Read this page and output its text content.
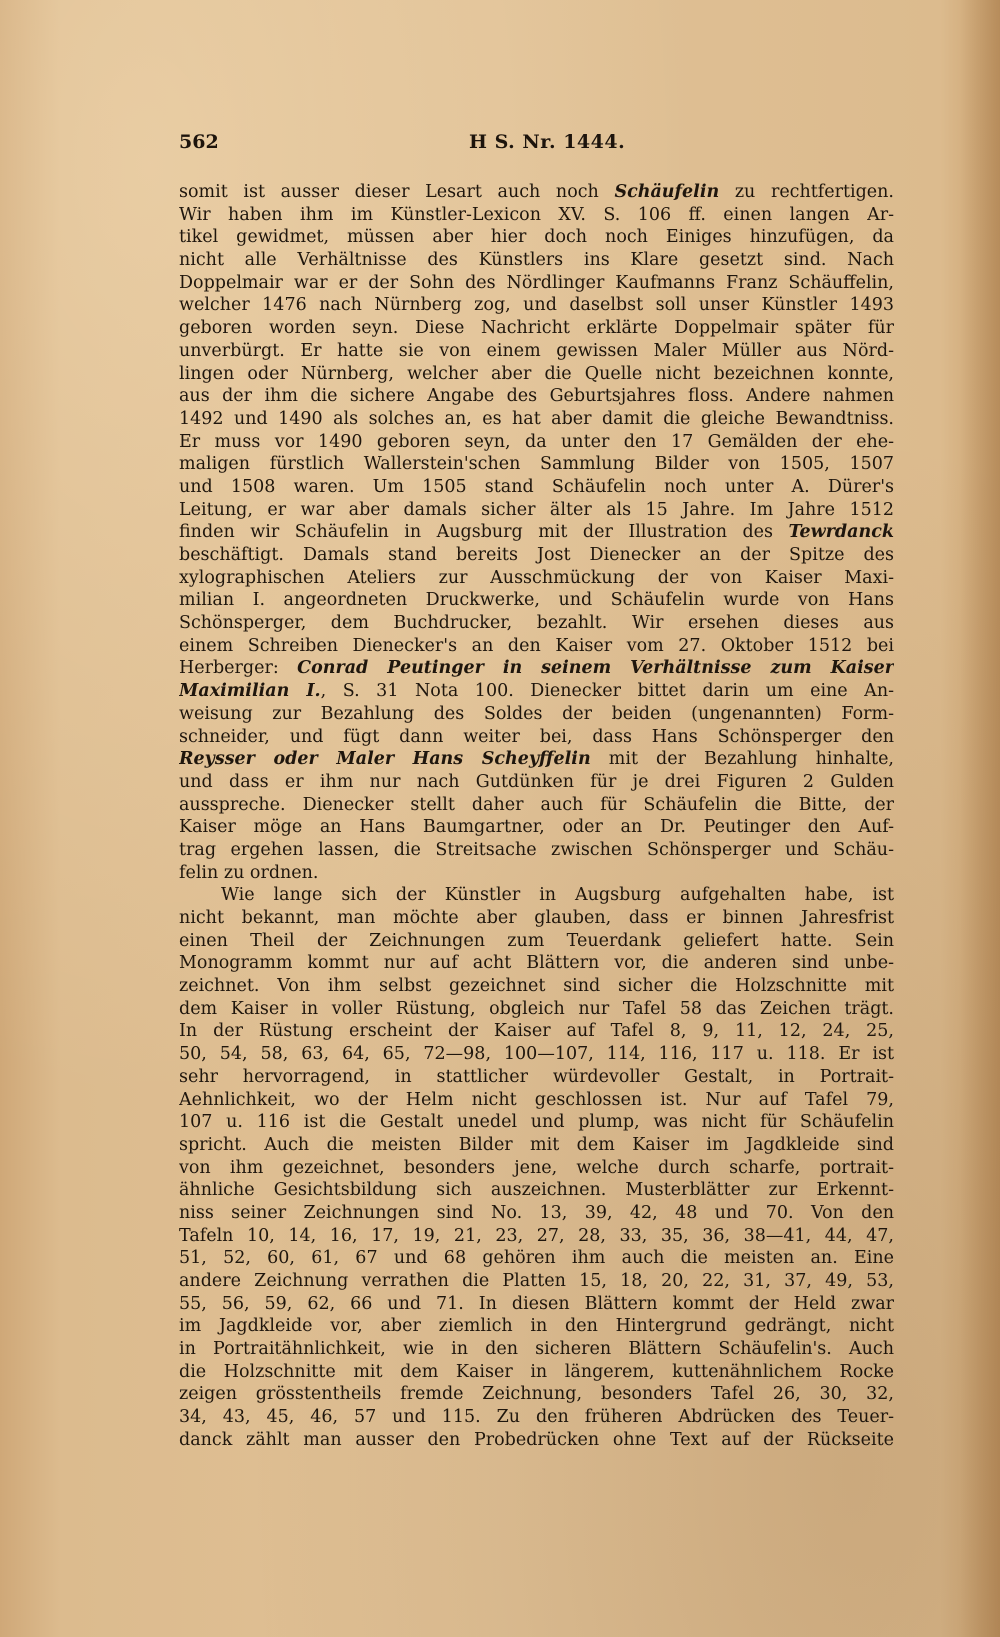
562	H S. Nr. 1444.
somit ist ausser dieser Lesart auch noch Schäufelin zu rechtfertigen.
Wir haben ihm im Künstler-Lexicon XV. S. 106 ff. einen langen Ar-
tikel gewidmet, müssen aber hier doch noch Einiges hinzufügen, da
nicht alle Verhältnisse des Künstlers ins Klare gesetzt sind. Nach
Doppelmair war er der Sohn des Nördlinger Kaufmanns Franz Schäuffelin,
welcher 1476 nach Nürnberg zog, und daselbst soll unser Künstler 1493
geboren worden seyn. Diese Nachricht erklärte Doppelmair später für
unverbürgt. Er hatte sie von einem gewissen Maler Müller aus Nörd-
lingen oder Nürnberg, welcher aber die Quelle nicht bezeichnen konnte,
aus der ihm die sichere Angabe des Geburtsjahres floss. Andere nahmen
1492 und 1490 als solches an, es hat aber damit die gleiche Bewandtniss.
Er muss vor 1490 geboren seyn, da unter den 17 Gemälden der ehe-
maligen fürstlich Wallerstein'schen Sammlung Bilder von 1505, 1507
und 1508 waren. Um 1505 stand Schäufelin noch unter A. Dürer's
Leitung, er war aber damals sicher älter als 15 Jahre. Im Jahre 1512
finden wir Schäufelin in Augsburg mit der Illustration des Tewrdanck
beschäftigt. Damals stand bereits Jost Dienecker an der Spitze des
xylographischen Ateliers zur Ausschmückung der von Kaiser Maxi-
milian I. angeordneten Druckwerke, und Schäufelin wurde von Hans
Schönsperger, dem Buchdrucker, bezahlt. Wir ersehen dieses aus
einem Schreiben Dienecker's an den Kaiser vom 27. Oktober 1512 bei
Herberger: Conrad Peutinger in seinem Verhältnisse zum Kaiser
Maximilian I., S. 31 Nota 100. Dienecker bittet darin um eine An-
weisung zur Bezahlung des Soldes der beiden (ungenannten) Form-
schneider, und fügt dann weiter bei, dass Hans Schönsperger den
Reysser oder Maler Hans Scheyffelin mit der Bezahlung hinhalte,
und dass er ihm nur nach Gutdünken für je drei Figuren 2 Gulden
ausspreche. Dienecker stellt daher auch für Schäufelin die Bitte, der
Kaiser möge an Hans Baumgartner, oder an Dr. Peutinger den Auf-
trag ergehen lassen, die Streitsache zwischen Schönsperger und Schäu-
felin zu ordnen.
Wie lange sich der Künstler in Augsburg aufgehalten habe, ist
nicht bekannt, man möchte aber glauben, dass er binnen Jahresfrist
einen Theil der Zeichnungen zum Teuerdank geliefert hatte. Sein
Monogramm kommt nur auf acht Blättern vor, die anderen sind unbe-
zeichnet. Von ihm selbst gezeichnet sind sicher die Holzschnitte mit
dem Kaiser in voller Rüstung, obgleich nur Tafel 58 das Zeichen trägt.
In der Rüstung erscheint der Kaiser auf Tafel 8, 9, 11, 12, 24, 25,
50, 54, 58, 63, 64, 65, 72—98, 100—107, 114, 116, 117 u. 118. Er ist
sehr hervorragend, in stattlicher würdevoller Gestalt, in Portrait-
Aehnlichkeit, wo der Helm nicht geschlossen ist. Nur auf Tafel 79,
107 u. 116 ist die Gestalt unedel und plump, was nicht für Schäufelin
spricht. Auch die meisten Bilder mit dem Kaiser im Jagdkleide sind
von ihm gezeichnet, besonders jene, welche durch scharfe, portrait-
ähnliche Gesichtsbildung sich auszeichnen. Musterblätter zur Erkennt-
niss seiner Zeichnungen sind No. 13, 39, 42, 48 und 70. Von den
Tafeln 10, 14, 16, 17, 19, 21, 23, 27, 28, 33, 35, 36, 38—41, 44, 47,
51, 52, 60, 61, 67 und 68 gehören ihm auch die meisten an. Eine
andere Zeichnung verrathen die Platten 15, 18, 20, 22, 31, 37, 49, 53,
55, 56, 59, 62, 66 und 71. In diesen Blättern kommt der Held zwar
im Jagdkleide vor, aber ziemlich in den Hintergrund gedrängt, nicht
in Portraitähnlichkeit, wie in den sicheren Blättern Schäufelin's. Auch
die Holzschnitte mit dem Kaiser in längerem, kuttenähnlichem Rocke
zeigen grösstentheils fremde Zeichnung, besonders Tafel 26, 30, 32,
34, 43, 45, 46, 57 und 115. Zu den früheren Abdrücken des Teuer-
danck zählt man ausser den Probedrücken ohne Text auf der Rückseite
